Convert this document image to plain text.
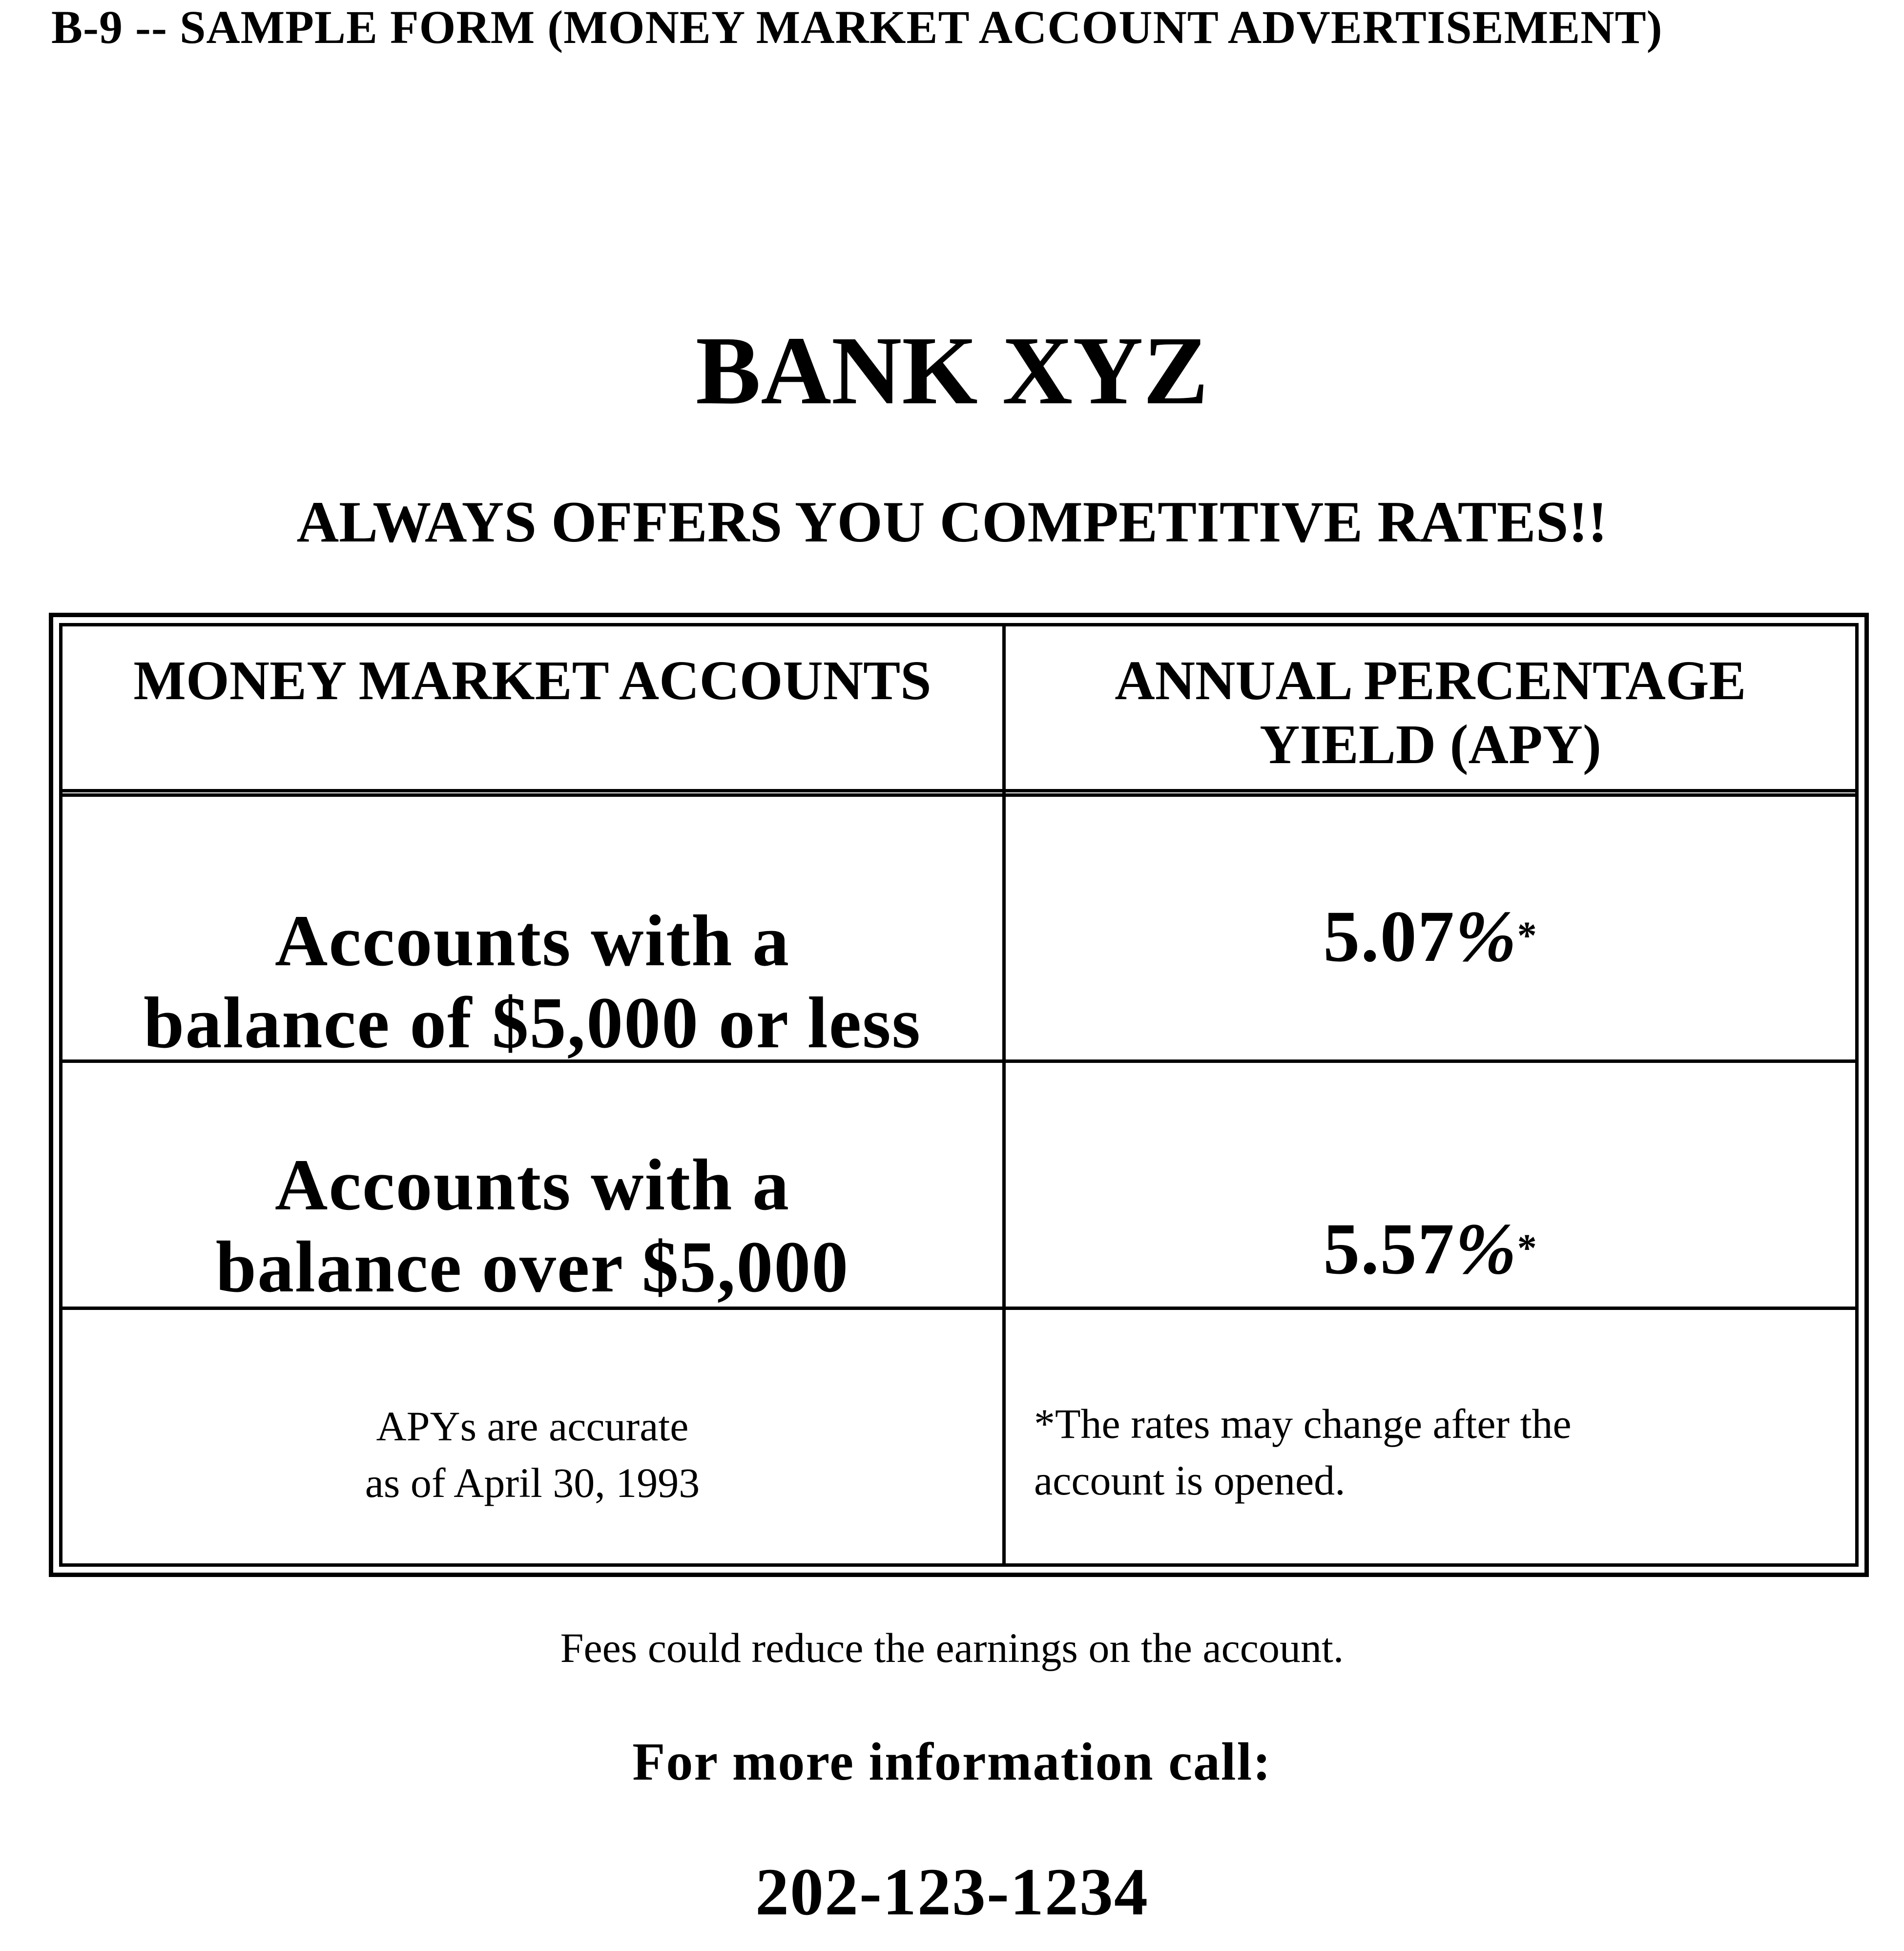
B-9 -- SAMPLE FORM (MONEY MARKET ACCOUNT ADVERTISEMENT)
BANK XYZ
ALWAYS OFFERS YOU COMPETITIVE RATES!!
MONEY MARKET ACCOUNTS	ANNUAL PERCENTAGE
YIELD (APY)
Accounts with a
balance of $5,000 or less
5.07%*
Accounts with a
balance over $5,000	5.57%*
APYs are accurate
as of April 30, 1993
*The rates may change after the
account is opened.
Fees could reduce the earnings on the account.
For more information call:
202-123-1234
